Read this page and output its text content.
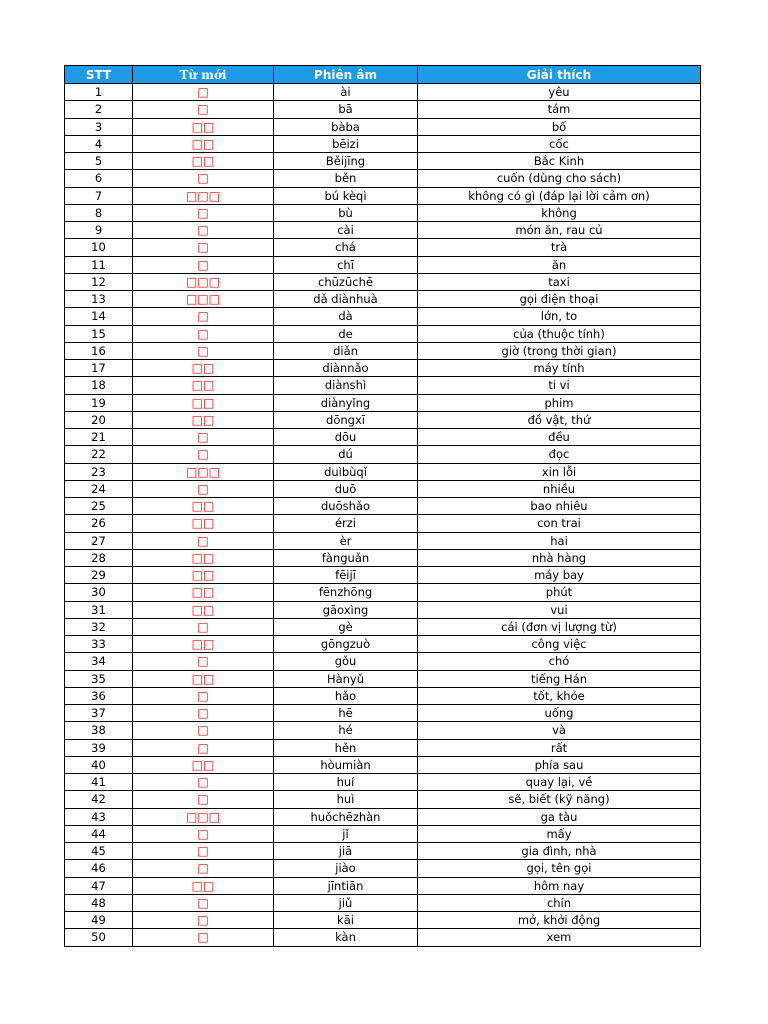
STT	Từ mới	Phiên âm	Giải thích
1	□	ài	yêu
2	□	bā	tám
3	□□	bàba	bố
4	□□	bēizi	cốc
5	□□	Běijīng	Bắc Kinh
6	□	běn	cuốn (dùng cho sách)
7	□□□	bú kèqì	không có gì (đáp lại lời cảm ơn)
8	□	bù	không
9	□	cài	món ăn, rau củ
10	□	chá	trà
11	□	chī	ăn
12	□□□	chūzūchē	taxi
13	□□□	dǎ diànhuà	gọi điện thoại
14	□	dà	lớn, to
15	□	de	của (thuộc tính)
16	□	diǎn	giờ (trong thời gian)
17	□□	diànnǎo	máy tính
18	□□	diànshì	ti vi
19	□□	diànyǐng	phim
20	□□	dōngxī	đồ vật, thứ
21	□	dōu	đều
22	□	dú	đọc
23	□□□	duìbùqǐ	xin lỗi
24	□	duō	nhiều
25	□□	duōshǎo	bao nhiêu
26	□□	érzi	con trai
27	□	èr	hai
28	□□	fànguǎn	nhà hàng
29	□□	fēijī	máy bay
30	□□	fēnzhōng	phút
31	□□	gāoxìng	vui
32	□	gè	cái (đơn vị lượng từ)
33	□□	gōngzuò	công việc
34	□	gǒu	chó
35	□□	Hànyǔ	tiếng Hán
36	□	hǎo	tốt, khỏe
37	□	hē	uống
38	□	hé	và
39	□	hěn	rất
40	□□	hòumiàn	phía sau
41	□	huí	quay lại, về
42	□	huì	sẽ, biết (kỹ năng)
43	□□□	huǒchēzhàn	ga tàu
44	□	jǐ	mấy
45	□	jiā	gia đình, nhà
46	□	jiào	gọi, tên gọi
47	□□	jīntiān	hôm nay
48	□	jiǔ	chín
49	□	kāi	mở, khởi động
50	□	kàn	xem
